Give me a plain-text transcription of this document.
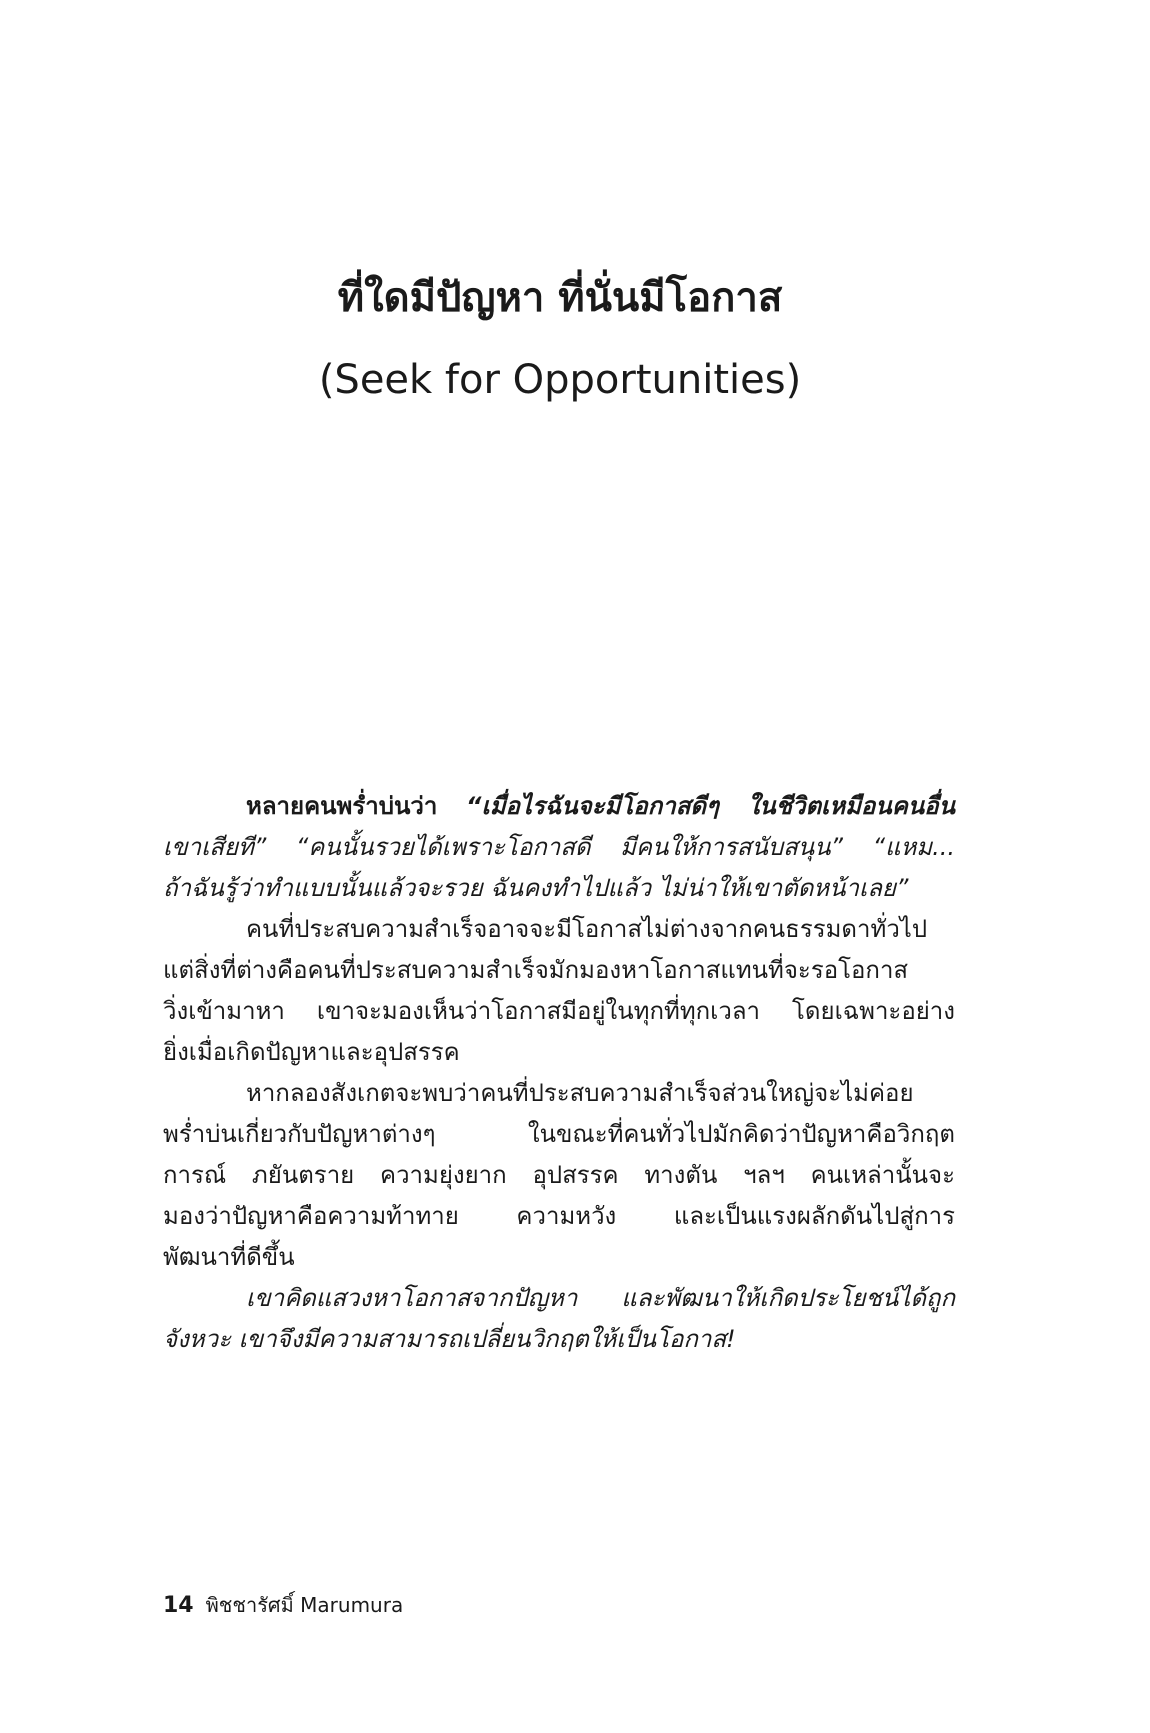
ที่ใดมีปัญหา ที่นั่นมีโอกาส
(Seek for Opportunities)
หลายคนพร่ำบ่นว่า “เมื่อไรฉันจะมีโอกาสดีๆ ในชีวิตเหมือนคนอื่น
เขาเสียที” “คนนั้นรวยได้เพราะโอกาสดี มีคนให้การสนับสนุน” “แหม...
ถ้าฉันรู้ว่าทำแบบนั้นแล้วจะรวย ฉันคงทำไปแล้ว ไม่น่าให้เขาตัดหน้าเลย”
คนที่ประสบความสำเร็จอาจจะมีโอกาสไม่ต่างจากคนธรรมดาทั่วไป
แต่สิ่งที่ต่างคือคนที่ประสบความสำเร็จมักมองหาโอกาสแทนที่จะรอโอกาส
วิ่งเข้ามาหา เขาจะมองเห็นว่าโอกาสมีอยู่ในทุกที่ทุกเวลา โดยเฉพาะอย่าง
ยิ่งเมื่อเกิดปัญหาและอุปสรรค
หากลองสังเกตจะพบว่าคนที่ประสบความสำเร็จส่วนใหญ่จะไม่ค่อย
พร่ำบ่นเกี่ยวกับปัญหาต่างๆ ในขณะที่คนทั่วไปมักคิดว่าปัญหาคือวิกฤต
การณ์ ภยันตราย ความยุ่งยาก อุปสรรค ทางตัน ฯลฯ คนเหล่านั้นจะ
มองว่าปัญหาคือความท้าทาย ความหวัง และเป็นแรงผลักดันไปสู่การ
พัฒนาที่ดีขึ้น
เขาคิดแสวงหาโอกาสจากปัญหา และพัฒนาให้เกิดประโยชน์ได้ถูก
จังหวะ เขาจึงมีความสามารถเปลี่ยนวิกฤตให้เป็นโอกาส!
14 พิชชารัศมิ์ Marumura
